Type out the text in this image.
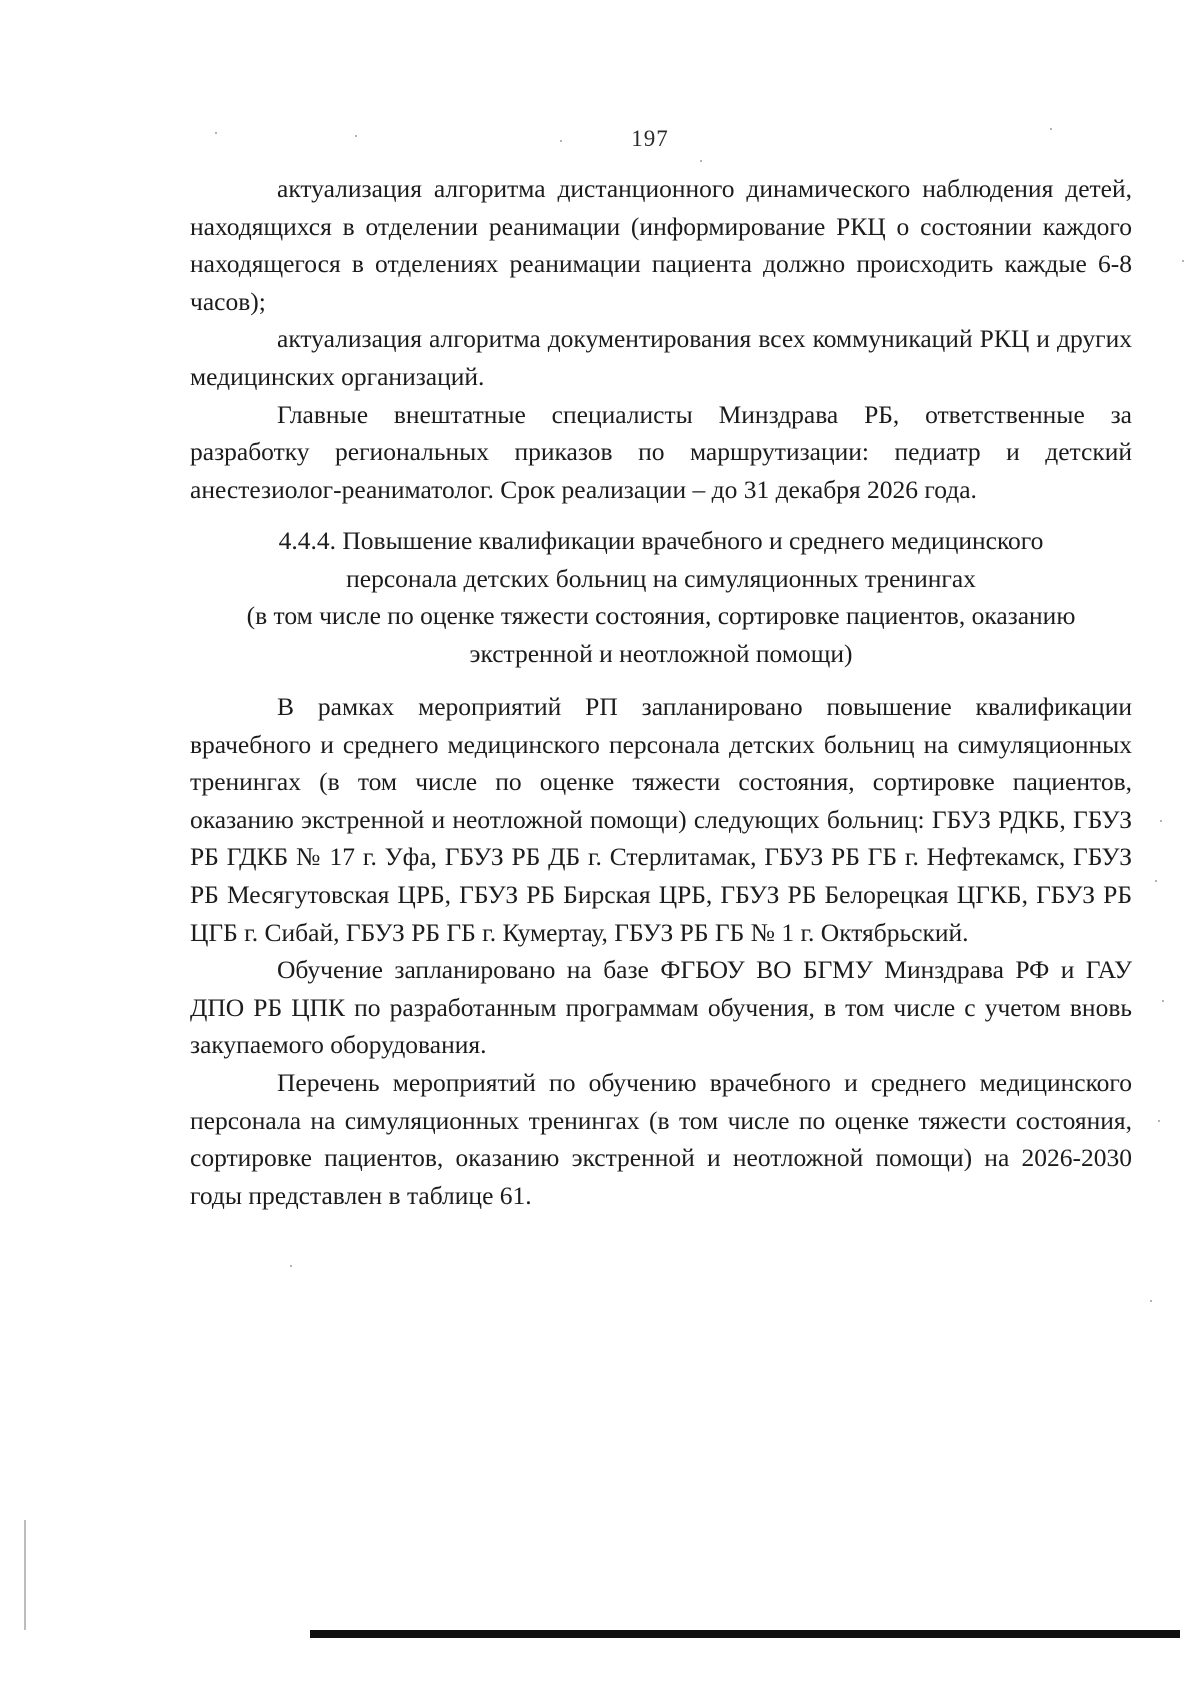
197

актуализация алгоритма дистанционного динамического наблюдения детей, находящихся в отделении реанимации (информирование РКЦ о состоянии каждого находящегося в отделениях реанимации пациента должно происходить каждые 6-8 часов);

актуализация алгоритма документирования всех коммуникаций РКЦ и других медицинских организаций.

Главные внештатные специалисты Минздрава РБ, ответственные за разработку региональных приказов по маршрутизации: педиатр и детский анестезиолог-реаниматолог. Срок реализации – до 31 декабря 2026 года.

4.4.4. Повышение квалификации врачебного и среднего медицинского
персонала детских больниц на симуляционных тренингах
(в том числе по оценке тяжести состояния, сортировке пациентов, оказанию
экстренной и неотложной помощи)

В рамках мероприятий РП запланировано повышение квалификации врачебного и среднего медицинского персонала детских больниц на симуляционных тренингах (в том числе по оценке тяжести состояния, сортировке пациентов, оказанию экстренной и неотложной помощи) следующих больниц: ГБУЗ РДКБ, ГБУЗ РБ ГДКБ № 17 г. Уфа, ГБУЗ РБ ДБ г. Стерлитамак, ГБУЗ РБ ГБ г. Нефтекамск, ГБУЗ РБ Месягутовская ЦРБ, ГБУЗ РБ Бирская ЦРБ, ГБУЗ РБ Белорецкая ЦГКБ, ГБУЗ РБ ЦГБ г. Сибай, ГБУЗ РБ ГБ г. Кумертау, ГБУЗ РБ ГБ № 1 г. Октябрьский.

Обучение запланировано на базе ФГБОУ ВО БГМУ Минздрава РФ и ГАУ ДПО РБ ЦПК по разработанным программам обучения, в том числе с учетом вновь закупаемого оборудования.

Перечень мероприятий по обучению врачебного и среднего медицинского персонала на симуляционных тренингах (в том числе по оценке тяжести состояния, сортировке пациентов, оказанию экстренной и неотложной помощи) на 2026-2030 годы представлен в таблице 61.
